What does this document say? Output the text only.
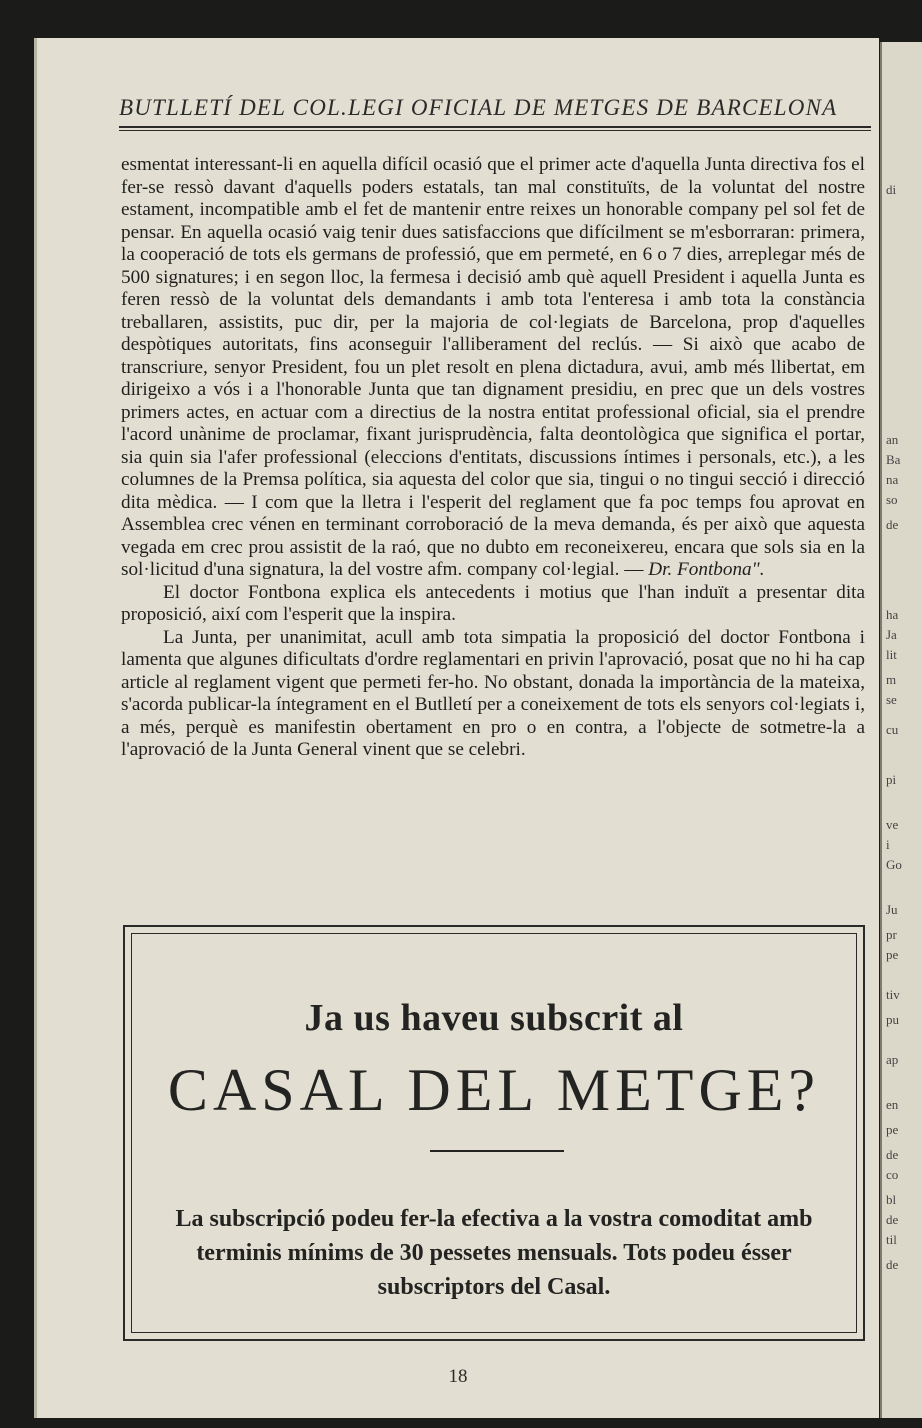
BUTLLETÍ DEL COL.LEGI OFICIAL DE METGES DE BARCELONA

esmentat interessant-li en aquella difícil ocasió que el primer acte d'aquella Junta directiva fos el fer-se ressò davant d'aquells poders estatals, tan mal constituïts, de la voluntat del nostre estament, incompatible amb el fet de mantenir entre reixes un honorable company pel sol fet de pensar. En aquella ocasió vaig tenir dues satisfaccions que difícilment se m'esborraran: primera, la cooperació de tots els germans de professió, que em permeté, en 6 o 7 dies, arreplegar més de 500 signatures; i en segon lloc, la fermesa i decisió amb què aquell President i aquella Junta es feren ressò de la voluntat dels demandants i amb tota l'enteresa i amb tota la constància treballaren, assistits, puc dir, per la majoria de col·legiats de Barcelona, prop d'aquelles despòtiques autoritats, fins aconseguir l'alliberament del reclús. — Si això que acabo de transcriure, senyor President, fou un plet resolt en plena dictadura, avui, amb més llibertat, em dirigeixo a vós i a l'honorable Junta que tan dignament presidiu, en prec que un dels vostres primers actes, en actuar com a directius de la nostra entitat professional oficial, sia el prendre l'acord unànime de proclamar, fixant jurisprudència, falta deontològica que significa el portar, sia quin sia l'afer professional (eleccions d'entitats, discussions íntimes i personals, etc.), a les columnes de la Premsa política, sia aquesta del color que sia, tingui o no tingui secció i direcció dita mèdica. — I com que la lletra i l'esperit del reglament que fa poc temps fou aprovat en Assemblea crec vénen en terminant corroboració de la meva demanda, és per això que aquesta vegada em crec prou assistit de la raó, que no dubto em reconeixereu, encara que sols sia en la sol·licitud d'una signatura, la del vostre afm. company col·legial. — Dr. Fontbona".

El doctor Fontbona explica els antecedents i motius que l'han induït a presentar dita proposició, així com l'esperit que la inspira.

La Junta, per unanimitat, acull amb tota simpatia la proposició del doctor Fontbona i lamenta que algunes dificultats d'ordre reglamentari en privin l'aprovació, posat que no hi ha cap article al reglament vigent que permeti fer-ho. No obstant, donada la importància de la mateixa, s'acorda publicar-la íntegrament en el Butlletí per a coneixement de tots els senyors col·legiats i, a més, perquè es manifestin obertament en pro o en contra, a l'objecte de sotmetre-la a l'aprovació de la Junta General vinent que se celebri.

Ja us haveu subscrit al
CASAL DEL METGE?
La subscripció podeu fer-la efectiva a la vostra comoditat amb terminis mínims de 30 pessetes mensuals. Tots podeu ésser subscriptors del Casal.
18
di
an
Ba
na
so
de
ha
Ja
lit
m
se
cu
pi
ve
i
Go
Ju
pr
pe
tiv
pu
ap
en
pe
de
co
bl
de
til
de
